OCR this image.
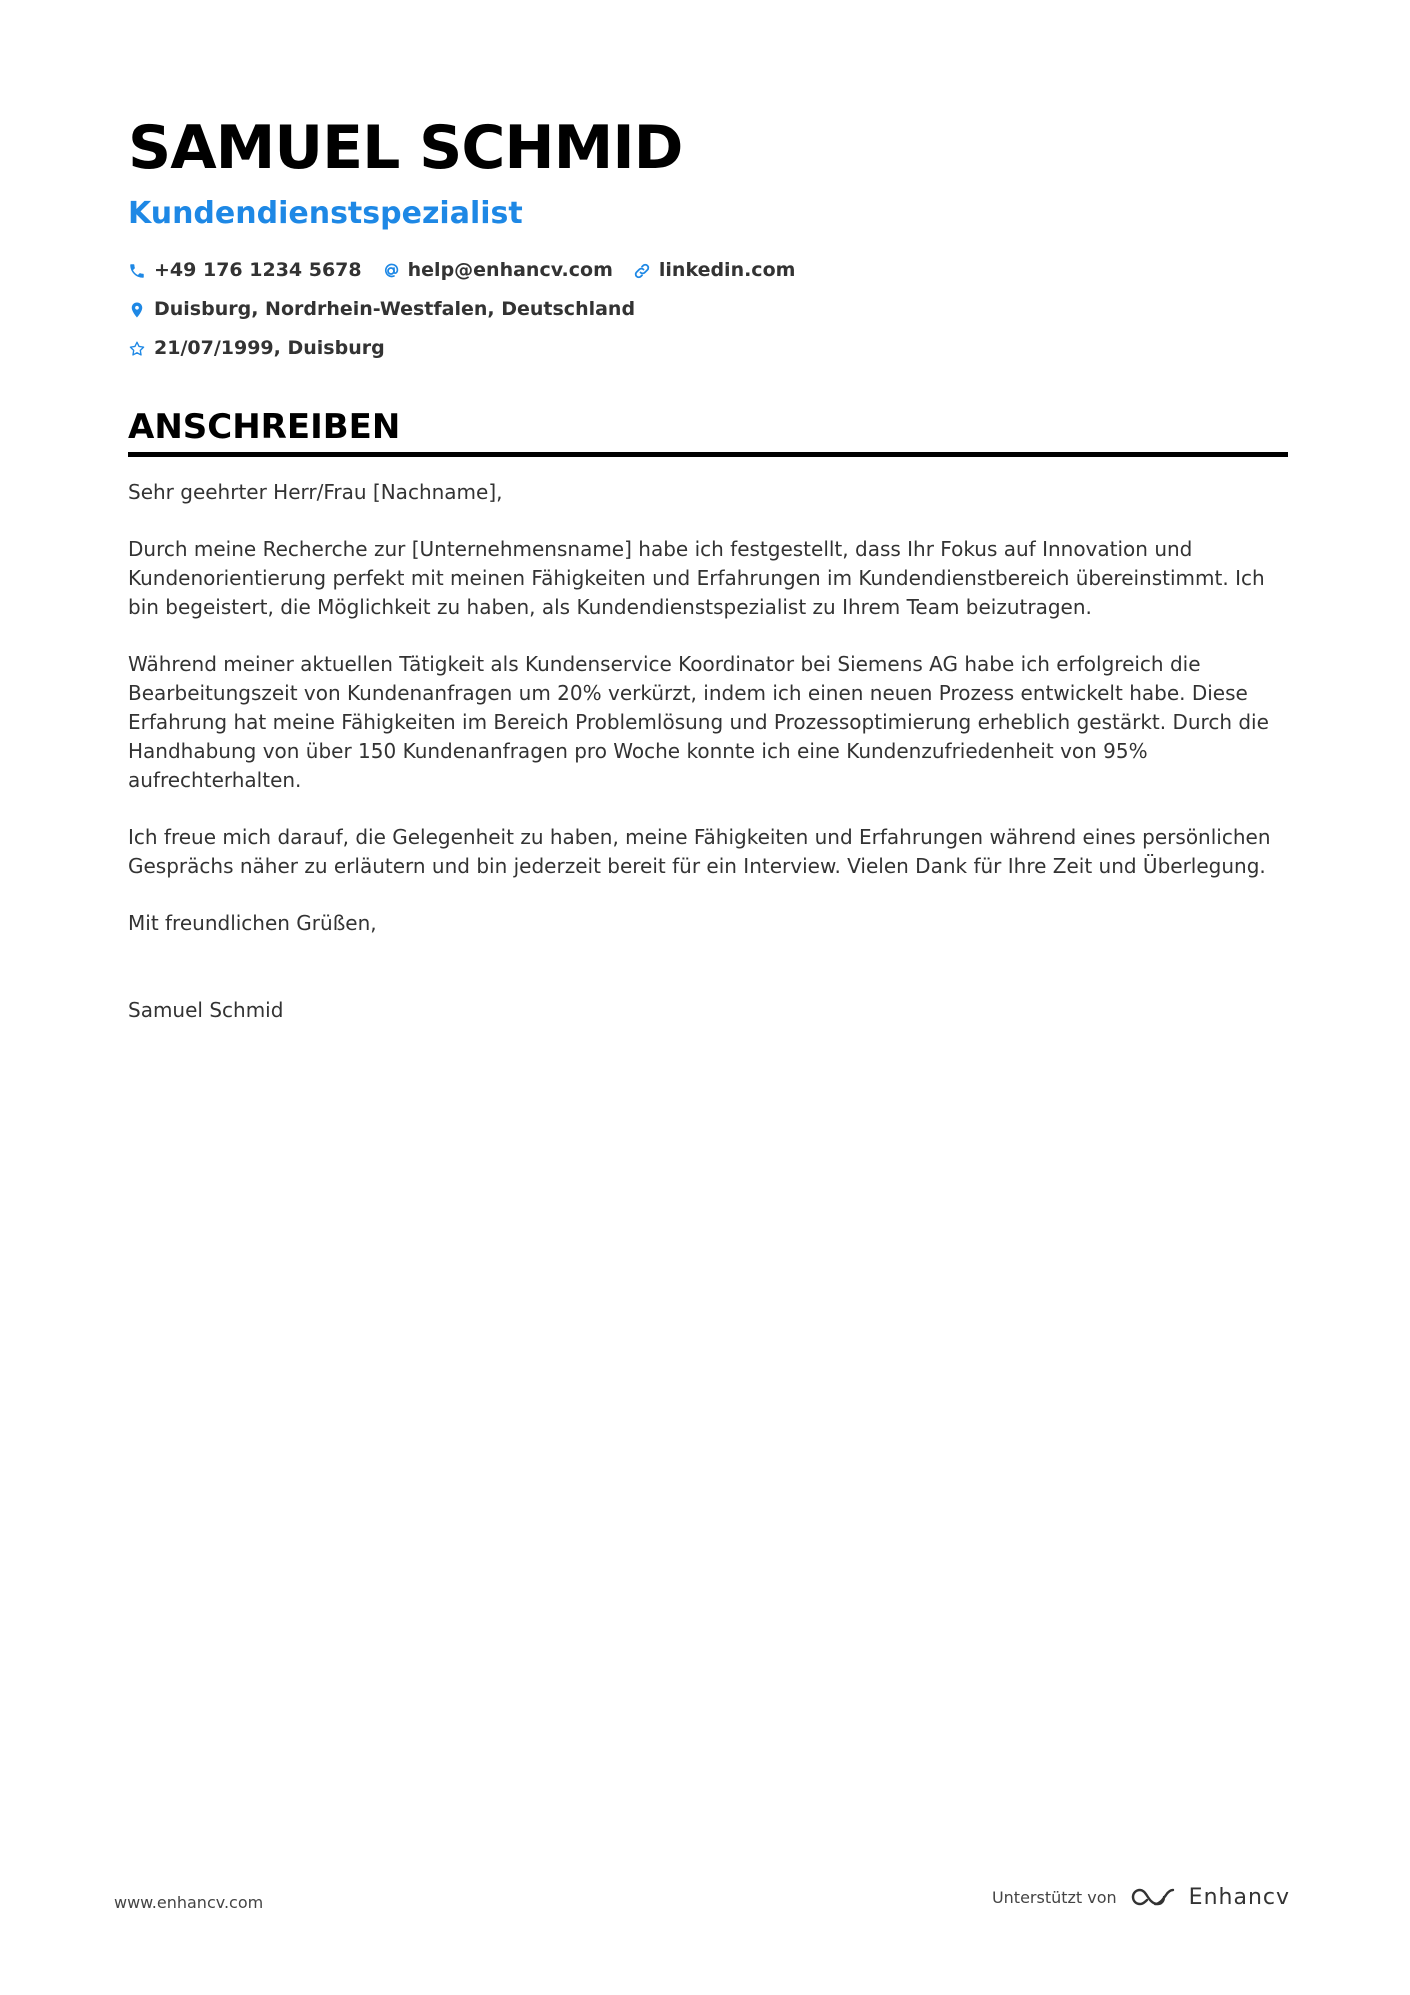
SAMUEL SCHMID
Kundendienstspezialist
+49 176 1234 5678 help@enhancv.com linkedin.com
Duisburg, Nordrhein-Westfalen, Deutschland
21/07/1999, Duisburg
ANSCHREIBEN

Sehr geehrter Herr/Frau [Nachname],

Durch meine Recherche zur [Unternehmensname] habe ich festgestellt, dass Ihr Fokus auf Innovation und Kundenorientierung perfekt mit meinen Fähigkeiten und Erfahrungen im Kundendienstbereich übereinstimmt. Ich bin begeistert, die Möglichkeit zu haben, als Kundendienstspezialist zu Ihrem Team beizutragen.

Während meiner aktuellen Tätigkeit als Kundenservice Koordinator bei Siemens AG habe ich erfolgreich die Bearbeitungszeit von Kundenanfragen um 20% verkürzt, indem ich einen neuen Prozess entwickelt habe. Diese Erfahrung hat meine Fähigkeiten im Bereich Problemlösung und Prozessoptimierung erheblich gestärkt. Durch die Handhabung von über 150 Kundenanfragen pro Woche konnte ich eine Kundenzufriedenheit von 95% aufrechterhalten.

Ich freue mich darauf, die Gelegenheit zu haben, meine Fähigkeiten und Erfahrungen während eines persönlichen Gesprächs näher zu erläutern und bin jederzeit bereit für ein Interview. Vielen Dank für Ihre Zeit und Überlegung.

Mit freundlichen Grüßen,

Samuel Schmid

www.enhancv.com	Unterstützt von	Enhancv
